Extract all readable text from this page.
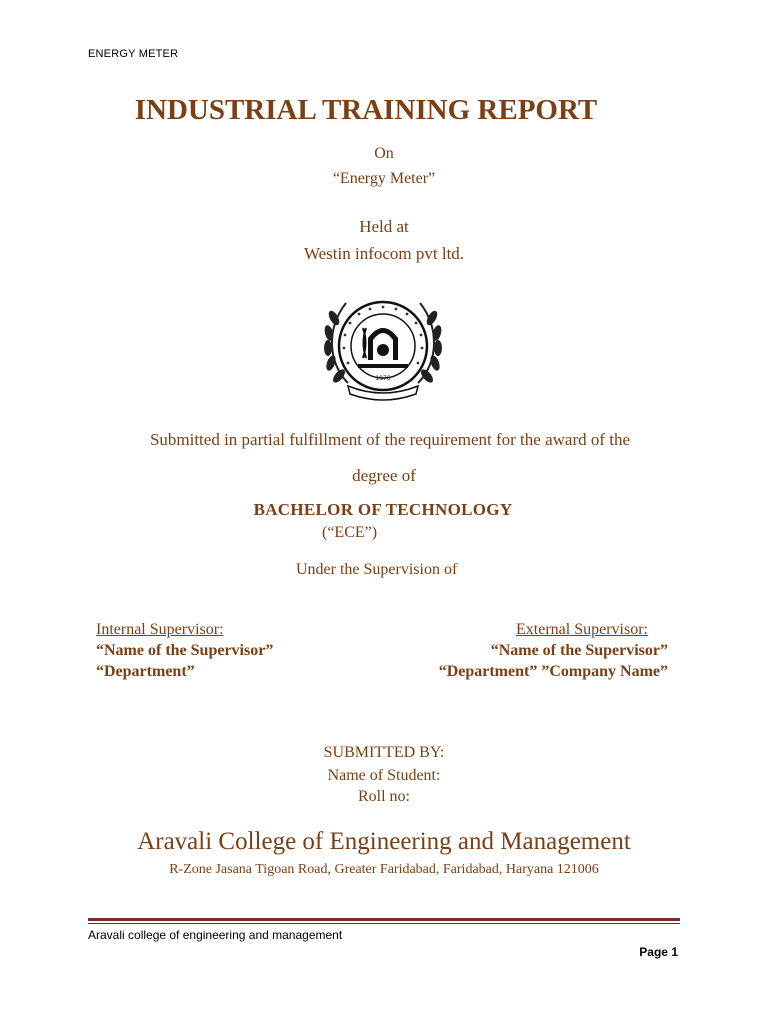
ENERGY METER
INDUSTRIAL TRAINING REPORT
On
“Energy Meter”
Held at
Westin infocom pvt ltd.
1976
Submitted in partial fulfillment of the requirement for the award of the
degree of
BACHELOR OF TECHNOLOGY
(“ECE”)
Under the Supervision of
Internal Supervisor:
“Name of the Supervisor”
“Department”
External Supervisor:
“Name of the Supervisor”
“Department” ”Company Name”
SUBMITTED BY:
Name of Student:
Roll no:
Aravali College of Engineering and Management
R-Zone Jasana Tigoan Road, Greater Faridabad, Faridabad, Haryana 121006
Aravali college of engineering and management
Page 1
